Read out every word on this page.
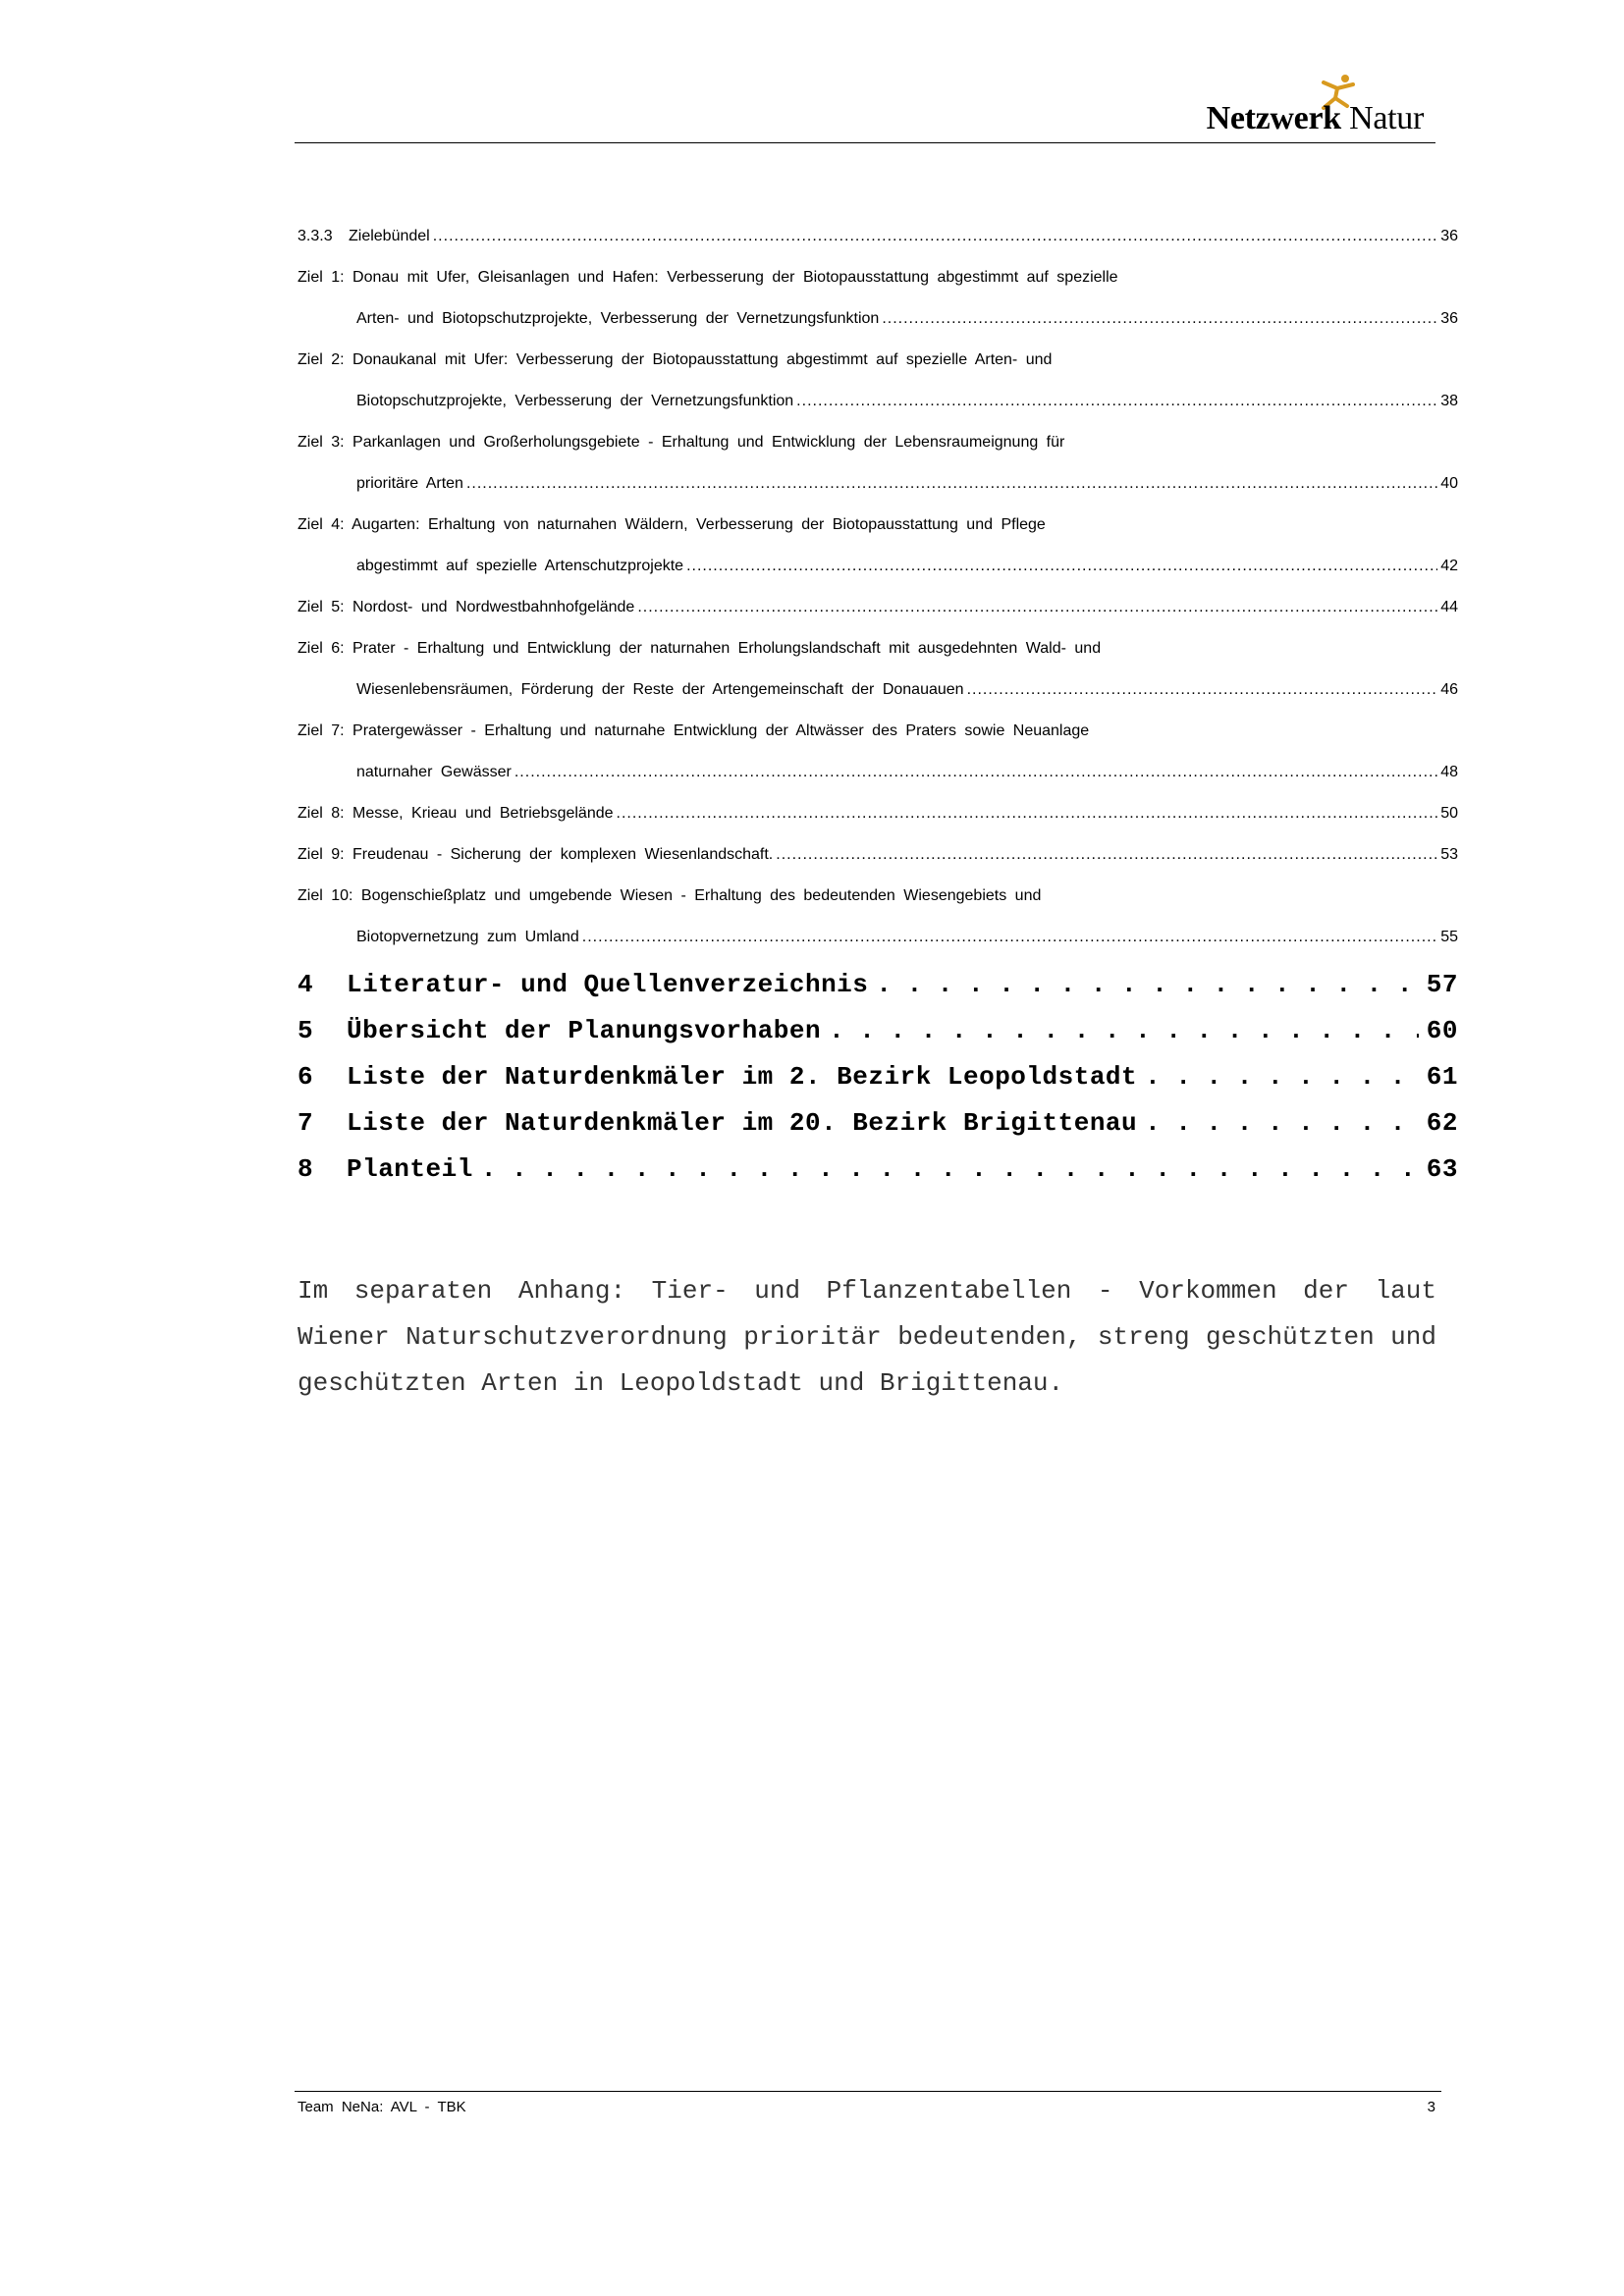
Netzwerk Natur
3.3.3	Zielebündel .....	36
Ziel 1: Donau mit Ufer, Gleisanlagen und Hafen: Verbesserung der Biotopausstattung abgestimmt auf spezielle
Arten- und Biotopschutzprojekte, Verbesserung der Vernetzungsfunktion .....	36
Ziel 2: Donaukanal mit Ufer: Verbesserung der Biotopausstattung abgestimmt auf spezielle Arten- und
Biotopschutzprojekte, Verbesserung der Vernetzungsfunktion .....	38
Ziel 3: Parkanlagen und Großerholungsgebiete - Erhaltung und Entwicklung der Lebensraumeignung für
prioritäre Arten .....	40
Ziel 4: Augarten: Erhaltung von naturnahen Wäldern, Verbesserung der Biotopausstattung und Pflege
abgestimmt auf spezielle Artenschutzprojekte .....	42
Ziel 5: Nordost- und Nordwestbahnhofgelände .....	44
Ziel 6: Prater - Erhaltung und Entwicklung der naturnahen Erholungslandschaft mit ausgedehnten Wald- und
Wiesenlebensräumen, Förderung der Reste der Artengemeinschaft der Donauauen .....	46
Ziel 7: Pratergewässer - Erhaltung und naturnahe Entwicklung der Altwässer des Praters sowie Neuanlage
naturnaher Gewässer .....	48
Ziel 8: Messe, Krieau und Betriebsgelände .....	50
Ziel 9: Freudenau - Sicherung der komplexen Wiesenlandschaft. .....	53
Ziel 10: Bogenschießplatz und umgebende Wiesen - Erhaltung des bedeutenden Wiesengebiets und
Biotopvernetzung zum Umland .....	55
4	Literatur- und Quellenverzeichnis . . .	57
5	Übersicht der Planungsvorhaben . . .	60
6	Liste der Naturdenkmäler im 2. Bezirk Leopoldstadt . . .	61
7	Liste der Naturdenkmäler im 20. Bezirk Brigittenau . . .	62
8	Planteil . . .	63

Im separaten Anhang: Tier- und Pflanzentabellen - Vorkommen der laut Wiener Naturschutzverordnung prioritär bedeutenden, streng geschützten und geschützten Arten in Leopoldstadt und Brigittenau.

Team NeNa: AVL - TBK	3
